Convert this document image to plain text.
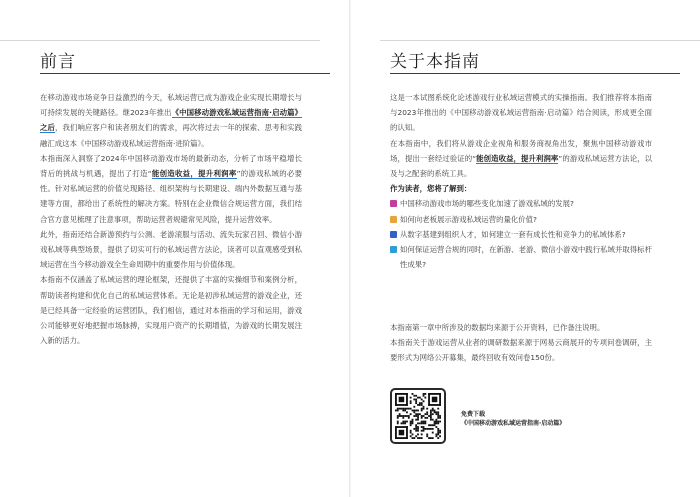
前言

在移动游戏市场竞争日益激烈的今天，私域运营已成为游戏企业实现长期增长与可持续发展的关键路径。继2023年推出《中国移动游戏私域运营指南·启动篇》之后，我们响应客户和读者朋友们的需求，再次将过去一年的探索、思考和实践融汇成这本《中国移动游戏私域运营指南·进阶篇》。

本指南深入洞察了2024年中国移动游戏市场的最新动态，分析了市场平稳增长背后的挑战与机遇，提出了打造“能创造收益，提升利润率”的游戏私域的必要性。针对私域运营的价值兑现路径、组织架构与长期建设、端内外数据互通与基建等方面，都给出了系统性的解决方案。特别在企业微信合规运营方面，我们结合官方意见梳理了注意事项，帮助运营者规避常见风险，提升运营效率。

此外，指南还结合新游预约与公测、老游滚服与活动、流失玩家召回、微信小游戏私域等典型场景，提供了切实可行的私域运营方法论，读者可以直观感受到私域运营在当今移动游戏全生命周期中的重要作用与价值体现。

本指南不仅涵盖了私域运营的理论框架，还提供了丰富的实操细节和案例分析，帮助读者构建和优化自己的私域运营体系。无论是初涉私域运营的游戏企业，还是已经具备一定经验的运营团队，我们相信，通过对本指南的学习和运用，游戏公司能够更好地把握市场脉搏，实现用户资产的长期增值，为游戏的长期发展注入新的活力。

关于本指南

这是一本试图系统化论述游戏行业私域运营模式的实操指南。我们推荐将本指南与2023年推出的《中国移动游戏私域运营指南·启动篇》结合阅读，形成更全面的认知。

在本指南中，我们将从游戏企业视角和服务商视角出发，聚焦中国移动游戏市场，提出一套经过验证的“能创造收益，提升利润率”的游戏私域运营方法论，以及与之配套的系统工具。

作为读者，您将了解到：

中国移动游戏市场的哪些变化加速了游戏私域的发展?
如何向老板展示游戏私域运营的量化价值?
从数字基建到组织人才，如何建立一套有成长性和竞争力的私域体系?
如何保证运营合规的同时，在新游、老游、微信小游戏中践行私域并取得标杆性成果?

本指南第一章中所涉及的数据均来源于公开资料，已作备注说明。

本指南关于游戏运营从业者的调研数据来源于网易云商展开的专项问卷调研，主要形式为网络公开募集，最终回收有效问卷150份。

免费下载
《中国移动游戏私域运营指南·启动篇》
